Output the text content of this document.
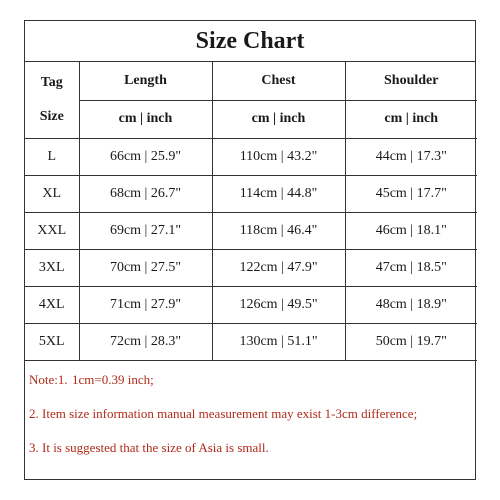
Size Chart
Tag
Size	Length	Chest	Shoulder
	cm | inch	cm | inch	cm | inch
L	66cm | 25.9"	110cm | 43.2"	44cm | 17.3"
XL	68cm | 26.7"	114cm | 44.8"	45cm | 17.7"
XXL	69cm | 27.1"	118cm | 46.4"	46cm | 18.1"
3XL	70cm | 27.5"	122cm | 47.9"	47cm | 18.5"
4XL	71cm | 27.9"	126cm | 49.5"	48cm | 18.9"
5XL	72cm | 28.3"	130cm | 51.1"	50cm | 19.7"
Note:1. 1cm=0.39 inch;
2. Item size information manual measurement may exist 1-3cm difference;
3. It is suggested that the size of Asia is small.
